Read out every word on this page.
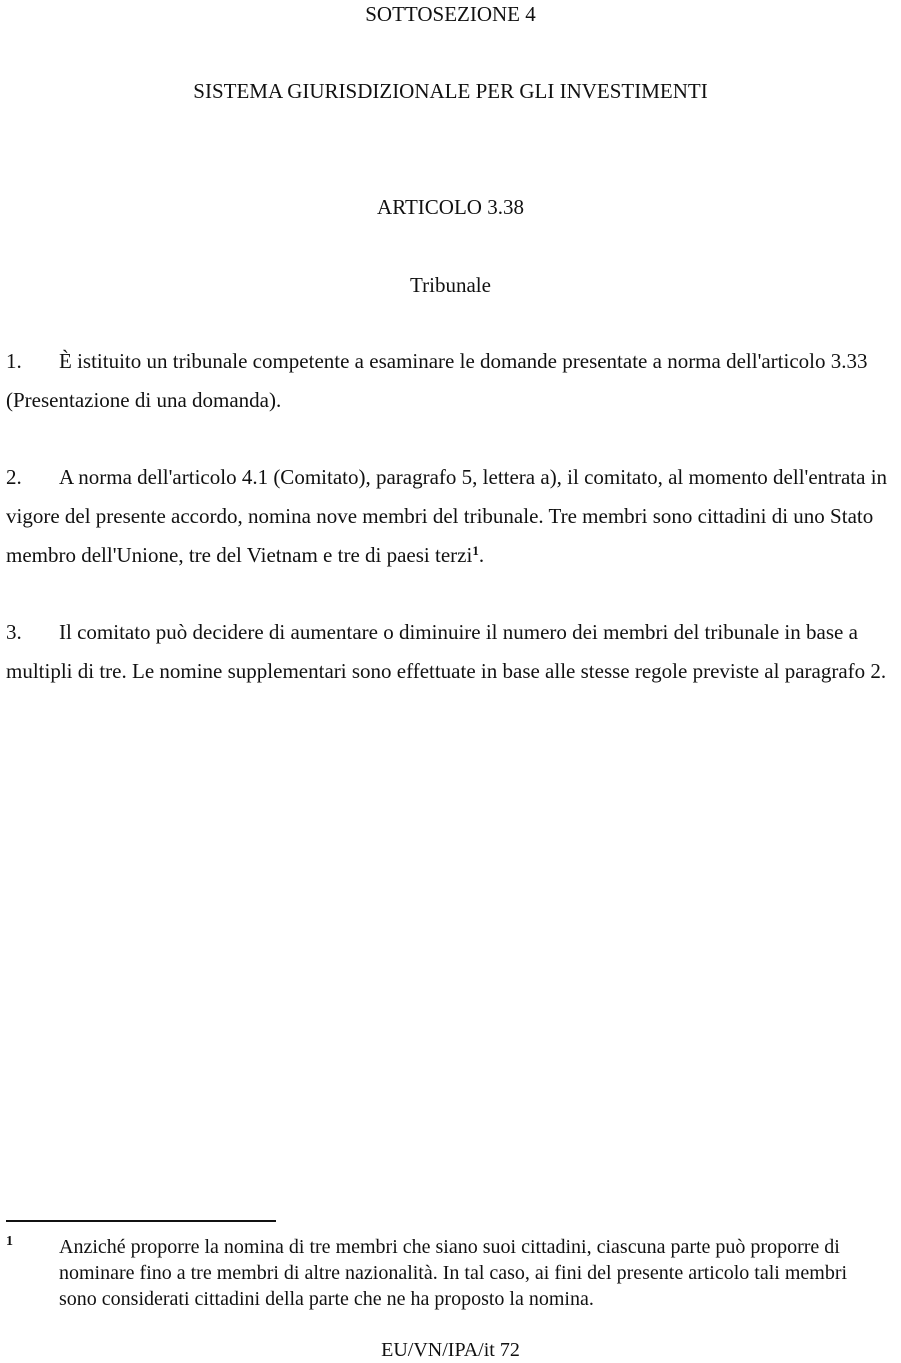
SOTTOSEZIONE 4
SISTEMA GIURISDIZIONALE PER GLI INVESTIMENTI
ARTICOLO 3.38
Tribunale

1. È istituito un tribunale competente a esaminare le domande presentate a norma dell'articolo 3.33 (Presentazione di una domanda).

2. A norma dell'articolo 4.1 (Comitato), paragrafo 5, lettera a), il comitato, al momento dell'entrata in vigore del presente accordo, nomina nove membri del tribunale. Tre membri sono cittadini di uno Stato membro dell'Unione, tre del Vietnam e tre di paesi terzi$^1$.

3. Il comitato può decidere di aumentare o diminuire il numero dei membri del tribunale in base a multipli di tre. Le nomine supplementari sono effettuate in base alle stesse regole previste al paragrafo 2.

1 Anziché proporre la nomina di tre membri che siano suoi cittadini, ciascuna parte può proporre di nominare fino a tre membri di altre nazionalità. In tal caso, ai fini del presente articolo tali membri sono considerati cittadini della parte che ne ha proposto la nomina.

EU/VN/IPA/it 72
